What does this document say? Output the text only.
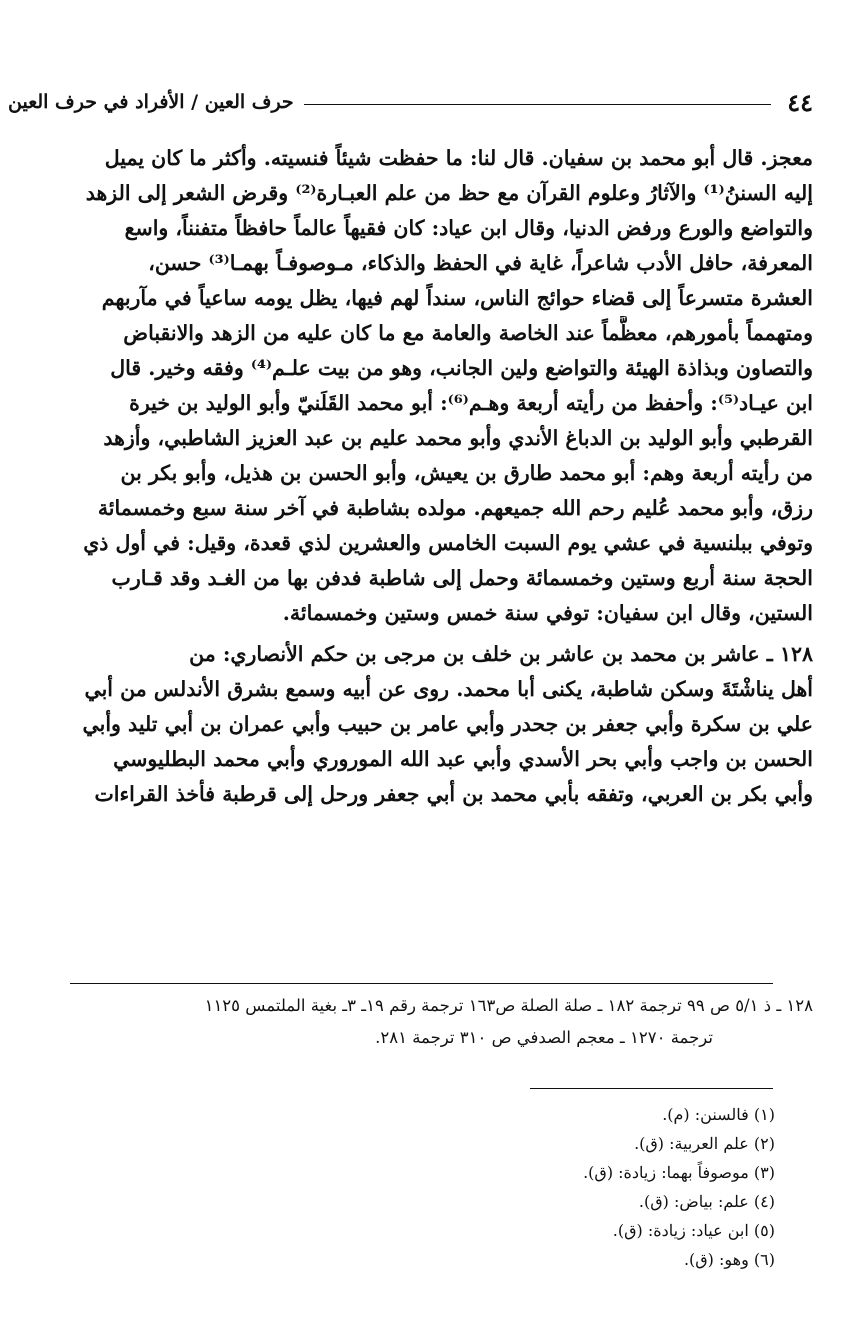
٤٤
حرف العين / الأفراد في حرف العين
معجز. قال أبو محمد بن سفيان. قال لنا: ما حفظت شيئاً فنسيته. وأكثر ما كان يميل
إليه السننُ⁽¹⁾ والآثارُ وعلوم القرآن مع حظ من علم العبـارة⁽²⁾ وقرض الشعر إلى الزهد
والتواضع والورع ورفض الدنيا، وقال ابن عياد: كان فقيهاً عالماً حافظاً متفنناً، واسع
المعرفة، حافل الأدب شاعراً، غاية في الحفظ والذكاء، مـوصوفـاً بهمـا⁽³⁾ حسن،
العشرة متسرعاً إلى قضاء حوائج الناس، سنداً لهم فيها، يظل يومه ساعياً في مآربهم
ومتهمماً بأمورهم، معظَّماً عند الخاصة والعامة مع ما كان عليه من الزهد والانقباض
والتصاون وبذاذة الهيئة والتواضع ولين الجانب، وهو من بيت علـم⁽⁴⁾ وفقه وخير. قال
ابن عيـاد⁽⁵⁾: وأحفظ من رأيته أربعة وهـم⁽⁶⁾: أبو محمد القَلَنيّ وأبو الوليد بن خيرة
القرطبي وأبو الوليد بن الدباغ الأندي وأبو محمد عليم بن عبد العزيز الشاطبي، وأزهد
من رأيته أربعة وهم: أبو محمد طارق بن يعيش، وأبو الحسن بن هذيل، وأبو بكر بن
رزق، وأبو محمد عُليم رحم الله جميعهم. مولده بشاطبة في آخر سنة سبع وخمسمائة
وتوفي ببلنسية في عشي يوم السبت الخامس والعشرين لذي قعدة، وقيل: في أول ذي
الحجة سنة أربع وستين وخمسمائة وحمل إلى شاطبة فدفن بها من الغـد وقد قـارب
الستين، وقال ابن سفيان: توفي سنة خمس وستين وخمسمائة.
١٢٨ ـ عاشر بن محمد بن عاشر بن خلف بن مرجى بن حكم الأنصاري: من
أهل يناشْتَةَ وسكن شاطبة، يكنى أبا محمد. روى عن أبيه وسمع بشرق الأندلس من أبي
علي بن سكرة وأبي جعفر بن جحدر وأبي عامر بن حبيب وأبي عمران بن أبي تليد وأبي
الحسن بن واجب وأبي بحر الأسدي وأبي عبد الله الموروري وأبي محمد البطليوسي
وأبي بكر بن العربي، وتفقه بأبي محمد بن أبي جعفر ورحل إلى قرطبة فأخذ القراءات
١٢٨ ـ ذ ٥/١ ص ٩٩ ترجمة ١٨٢ ـ صلة الصلة ص١٦٣ ترجمة رقم ١٩ـ ٣ـ بغية الملتمس ١١٢٥
ترجمة ١٢٧٠ ـ معجم الصدفي ص ٣١٠ ترجمة ٢٨١.
(١) فالسنن: (م).
(٢) علم العربية: (ق).
(٣) موصوفاً بهما: زيادة: (ق).
(٤) علم: بياض: (ق).
(٥) ابن عياد: زيادة: (ق).
(٦) وهو: (ق).
